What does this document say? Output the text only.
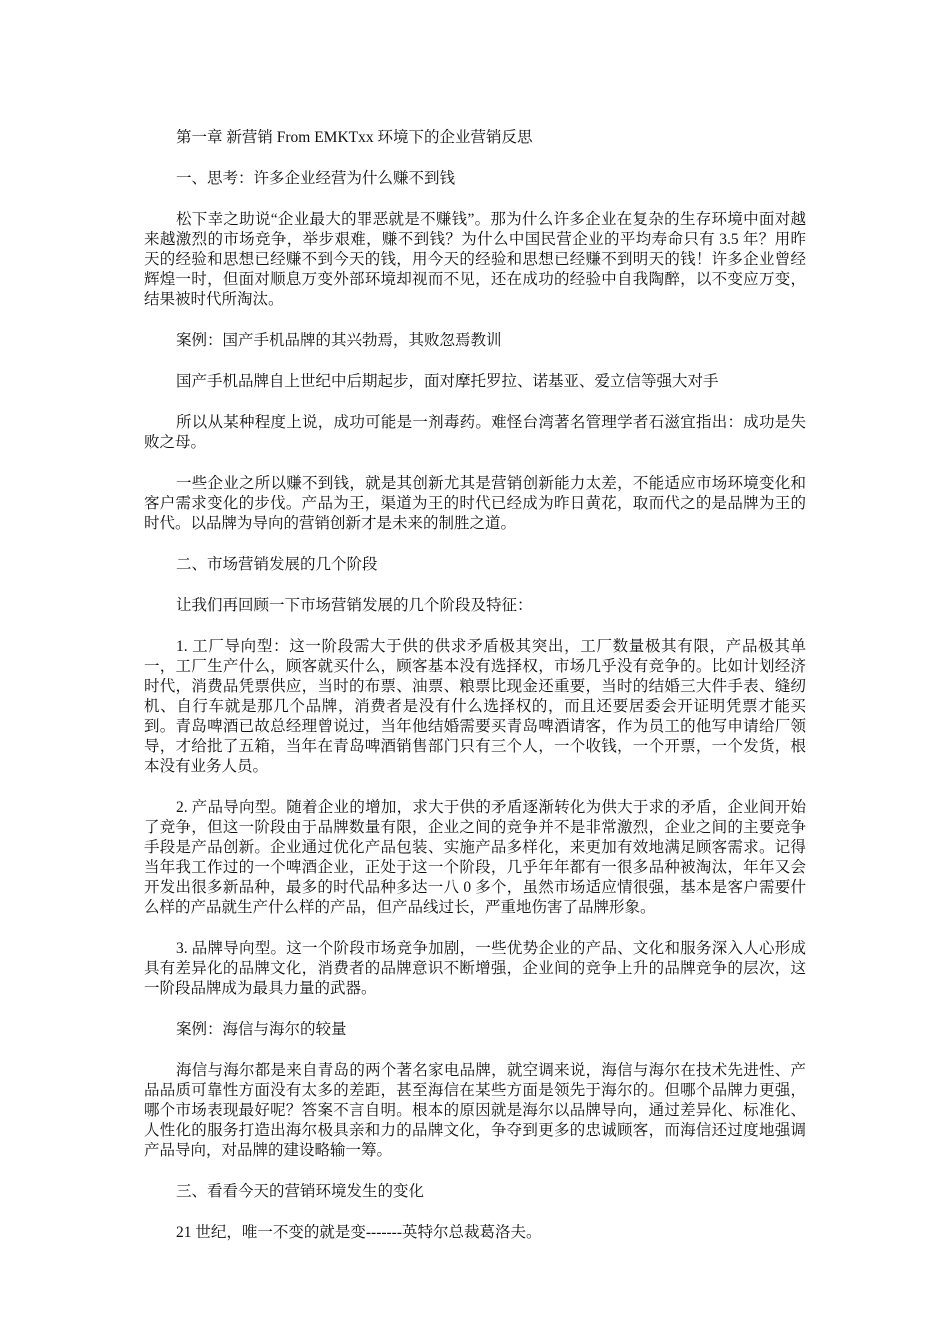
第一章 新营销 From EMKTxx 环境下的企业营销反思

一、思考：许多企业经营为什么赚不到钱

松下幸之助说“企业最大的罪恶就是不赚钱”。那为什么许多企业在复杂的生存环境中面对越来越激烈的市场竞争，举步艰难，赚不到钱？为什么中国民营企业的平均寿命只有 3.5 年？用昨天的经验和思想已经赚不到今天的钱，用今天的经验和思想已经赚不到明天的钱！许多企业曾经辉煌一时，但面对顺息万变外部环境却视而不见，还在成功的经验中自我陶醉，以不变应万变，结果被时代所淘汰。

案例：国产手机品牌的其兴勃焉，其败忽焉教训

国产手机品牌自上世纪中后期起步，面对摩托罗拉、诺基亚、爱立信等强大对手

所以从某种程度上说，成功可能是一剂毒药。难怪台湾著名管理学者石滋宜指出：成功是失败之母。

一些企业之所以赚不到钱，就是其创新尤其是营销创新能力太差，不能适应市场环境变化和客户需求变化的步伐。产品为王，渠道为王的时代已经成为昨日黄花，取而代之的是品牌为王的时代。以品牌为导向的营销创新才是未来的制胜之道。

二、市场营销发展的几个阶段

让我们再回顾一下市场营销发展的几个阶段及特征：

1. 工厂导向型：这一阶段需大于供的供求矛盾极其突出，工厂数量极其有限，产品极其单一，工厂生产什么，顾客就买什么，顾客基本没有选择权，市场几乎没有竞争的。比如计划经济时代，消费品凭票供应，当时的布票、油票、粮票比现金还重要，当时的结婚三大件手表、缝纫机、自行车就是那几个品牌，消费者是没有什么选择权的，而且还要居委会开证明凭票才能买到。青岛啤酒已故总经理曾说过，当年他结婚需要买青岛啤酒请客，作为员工的他写申请给厂领导，才给批了五箱，当年在青岛啤酒销售部门只有三个人，一个收钱，一个开票，一个发货，根本没有业务人员。

2. 产品导向型。随着企业的增加，求大于供的矛盾逐渐转化为供大于求的矛盾，企业间开始了竞争，但这一阶段由于品牌数量有限，企业之间的竞争并不是非常激烈，企业之间的主要竞争手段是产品创新。企业通过优化产品包装、实施产品多样化，来更加有效地满足顾客需求。记得当年我工作过的一个啤酒企业，正处于这一个阶段，几乎年年都有一很多品种被淘汰，年年又会开发出很多新品种，最多的时代品种多达一八 0 多个，虽然市场适应情很强，基本是客户需要什么样的产品就生产什么样的产品，但产品线过长，严重地伤害了品牌形象。

3. 品牌导向型。这一个阶段市场竞争加剧，一些优势企业的产品、文化和服务深入人心形成具有差异化的品牌文化，消费者的品牌意识不断增强，企业间的竞争上升的品牌竞争的层次，这一阶段品牌成为最具力量的武器。

案例：海信与海尔的较量

海信与海尔都是来自青岛的两个著名家电品牌，就空调来说，海信与海尔在技术先进性、产品品质可靠性方面没有太多的差距，甚至海信在某些方面是领先于海尔的。但哪个品牌力更强，哪个市场表现最好呢？答案不言自明。根本的原因就是海尔以品牌导向，通过差异化、标准化、人性化的服务打造出海尔极具亲和力的品牌文化，争夺到更多的忠诚顾客，而海信还过度地强调产品导向，对品牌的建设略输一筹。

三、看看今天的营销环境发生的变化

21 世纪，唯一不变的就是变-------英特尔总裁葛洛夫。
